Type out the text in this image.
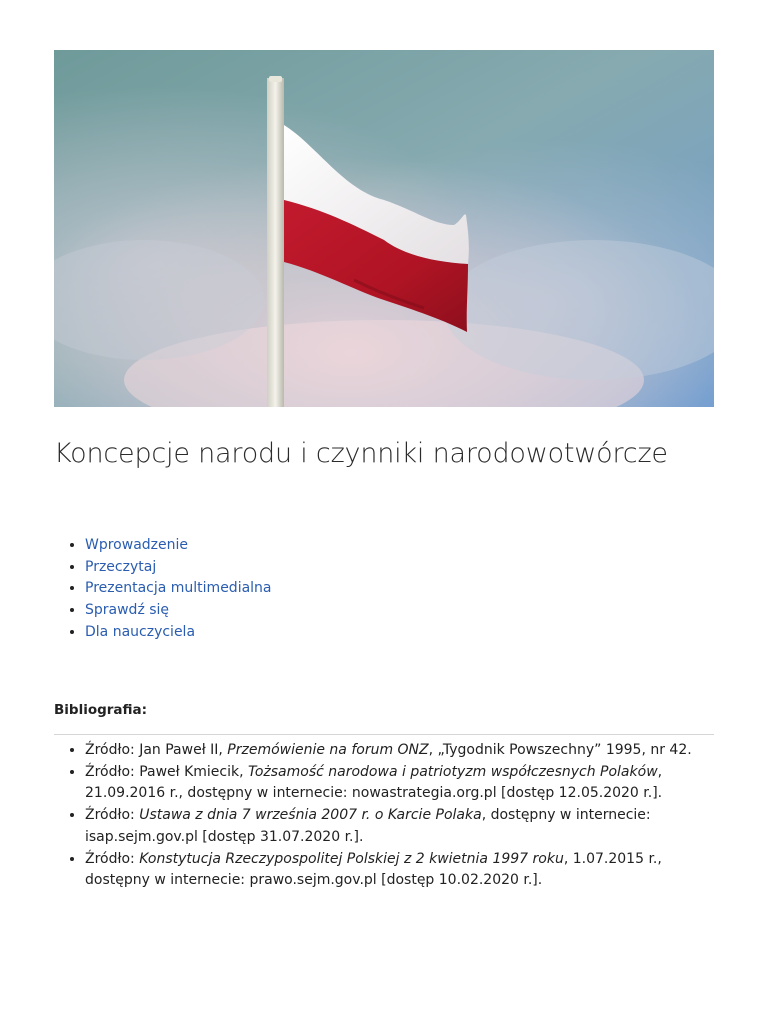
Koncepcje narodu i czynniki narodowotwórcze
• Wprowadzenie
• Przeczytaj
• Prezentacja multimedialna
• Sprawdź się
• Dla nauczyciela
Bibliografia:
• Źródło: Jan Paweł II, Przemówienie na forum ONZ, „Tygodnik Powszechny” 1995, nr 42.
• Źródło: Paweł Kmiecik, Tożsamość narodowa i patriotyzm współczesnych Polaków, 21.09.2016 r., dostępny w internecie: nowastrategia.org.pl [dostęp 12.05.2020 r.].
• Źródło: Ustawa z dnia 7 września 2007 r. o Karcie Polaka, dostępny w internecie: isap.sejm.gov.pl [dostęp 31.07.2020 r.].
• Źródło: Konstytucja Rzeczypospolitej Polskiej z 2 kwietnia 1997 roku, 1.07.2015 r., dostępny w internecie: prawo.sejm.gov.pl [dostęp 10.02.2020 r.].
